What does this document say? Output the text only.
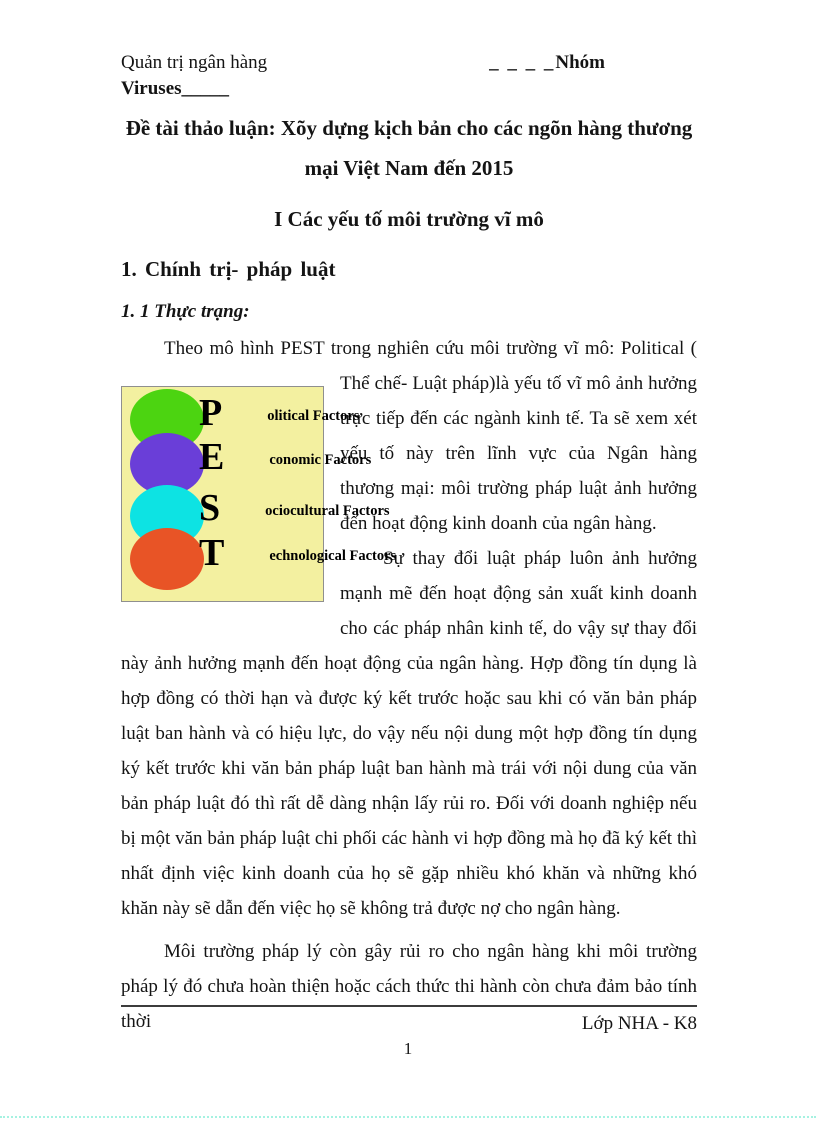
Quản trị ngân hàng	_ _ _ _Nhóm
Viruses_____
Đề tài thảo luận: Xõy dựng kịch bản cho các ngõn hàng thương
mại Việt Nam đến 2015
I Các yếu tố môi trường vĩ mô
1. Chính trị- pháp luật
1. 1 Thực trạng:

Theo mô hình PEST trong nghiên cứu môi trường vĩ mô: Political (
P	olitical Factors
E	conomic Factors
S	ociocultural Factors
T	echnological Factors
Thể chế- Luật pháp)là yếu tố vĩ mô ảnh hưởng trực tiếp đến các ngành kinh tế. Ta sẽ xem xét yếu tố này trên lĩnh vực của Ngân hàng thương mại: môi trường pháp luật ảnh hưởng đến hoạt động kinh doanh của ngân hàng.

Sự thay đổi luật pháp luôn ảnh hưởng mạnh mẽ đến hoạt động sản xuất kinh doanh cho các pháp nhân kinh tế, do vậy sự thay đổi này ảnh hưởng mạnh đến hoạt động của ngân hàng. Hợp đồng tín dụng là hợp đồng có thời hạn và được ký kết trước hoặc sau khi có văn bản pháp luật ban hành và có hiệu lực, do vậy nếu nội dung một hợp đồng tín dụng ký kết trước khi văn bản pháp luật ban hành mà trái với nội dung của văn bản pháp luật đó thì rất dễ dàng nhận lấy rủi ro. Đối với doanh nghiệp nếu bị một văn bản pháp luật chi phối các hành vi hợp đồng mà họ đã ký kết thì nhất định việc kinh doanh của họ sẽ gặp nhiều khó khăn và những khó khăn này sẽ dẫn đến việc họ sẽ không trả được nợ cho ngân hàng.

Môi trường pháp lý còn gây rủi ro cho ngân hàng khi môi trường pháp lý đó chưa hoàn thiện hoặc cách thức thi hành còn chưa đảm bảo tính thời	Lớp NHA - K8
1
